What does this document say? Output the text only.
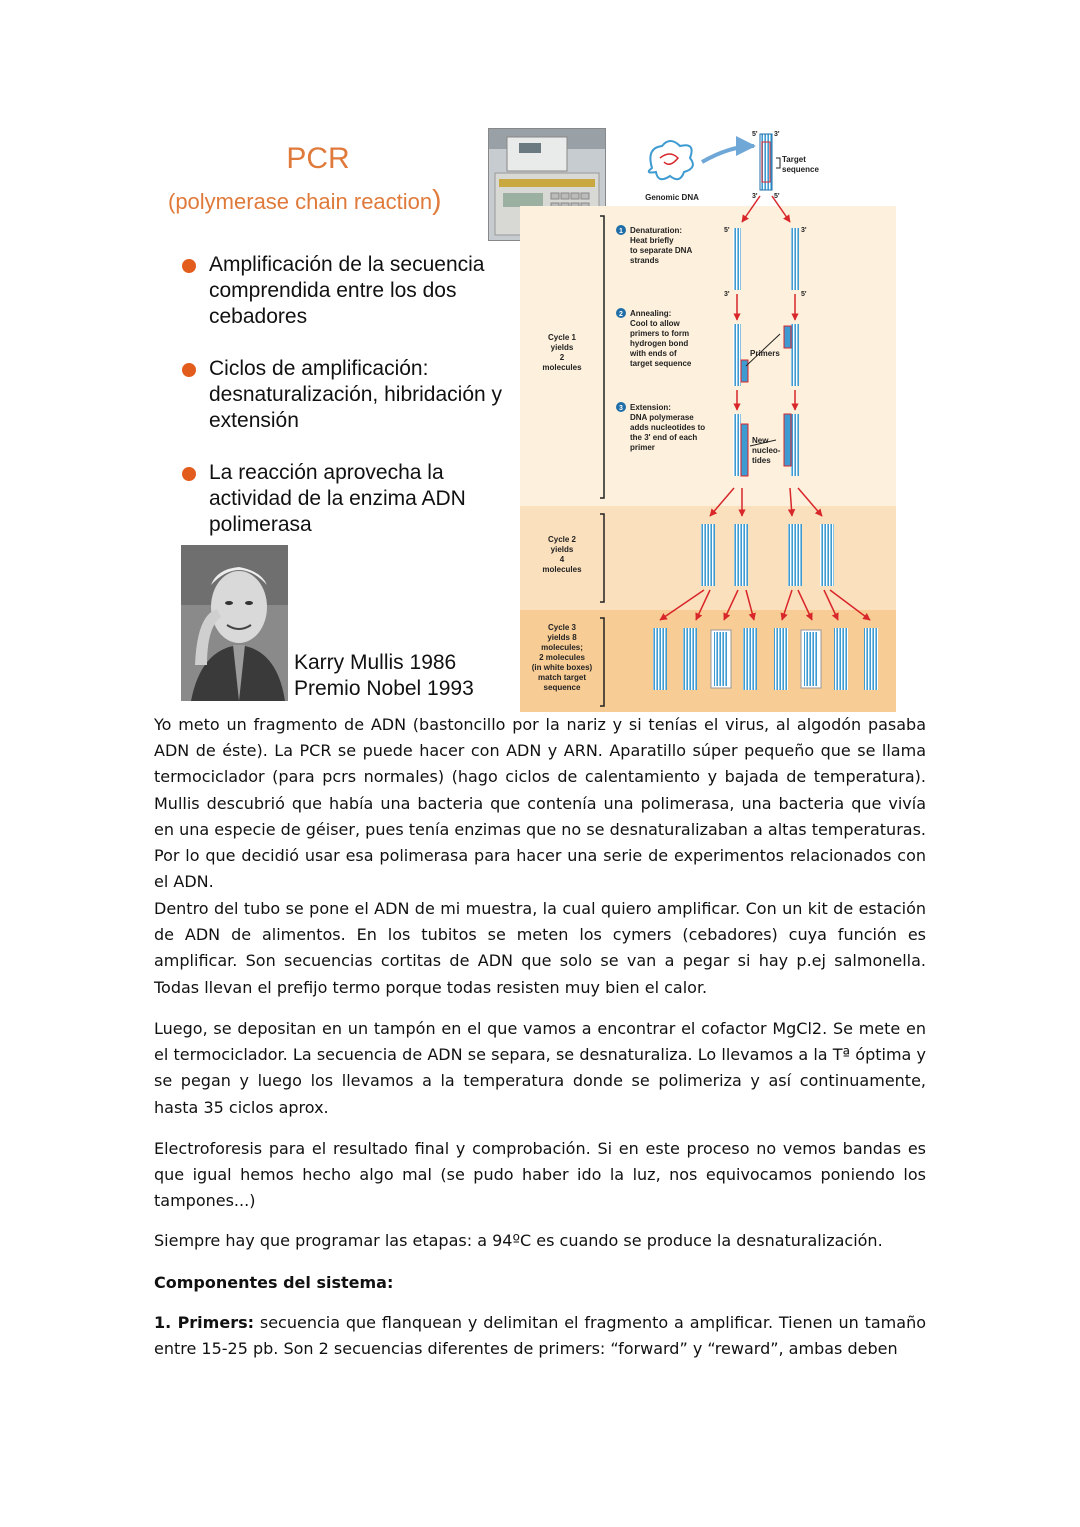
PCR
(polymerase chain reaction)
Amplificación de la secuencia comprendida entre los dos cebadores
Ciclos de amplificación: desnaturalización, hibridación y extensión
La reacción aprovecha la actividad de la enzima ADN polimerasa
Karry Mullis 1986
Premio Nobel 1993
Cycle 1
yields
2
molecules
Cycle 2
yields
4
molecules
Cycle 3
yields 8
molecules;
2 molecules
(in white boxes)
match target
sequence
Genomic DNA
5' 3'
3' 5'
Target
sequence
5'
3'
3'
5'
Primers
New
nucleo-
tides
1
2
3
Denaturation:
Heat briefly
to separate DNA
strands
Annealing:
Cool to allow
primers to form
hydrogen bond
with ends of
target sequence
Extension:
DNA polymerase
adds nucleotides to
the 3' end of each
primer
Yo meto un fragmento de ADN (bastoncillo por la nariz y si tenías el virus, al algodón pasaba ADN de éste). La PCR se puede hacer con ADN y ARN. Aparatillo súper pequeño que se llama termociclador (para pcrs normales) (hago ciclos de calentamiento y bajada de temperatura). Mullis descubrió que había una bacteria que contenía una polimerasa, una bacteria que vivía en una especie de géiser, pues tenía enzimas que no se desnaturalizaban a altas temperaturas. Por lo que decidió usar esa polimerasa para hacer una serie de experimentos relacionados con el ADN.
Dentro del tubo se pone el ADN de mi muestra, la cual quiero amplificar. Con un kit de estación de ADN de alimentos. En los tubitos se meten los cymers (cebadores) cuya función es amplificar. Son secuencias cortitas de ADN que solo se van a pegar si hay p.ej salmonella. Todas llevan el prefijo termo porque todas resisten muy bien el calor.
Luego, se depositan en un tampón en el que vamos a encontrar el cofactor MgCl2. Se mete en el termociclador. La secuencia de ADN se separa, se desnaturaliza. Lo llevamos a la Tª óptima y se pegan y luego los llevamos a la temperatura donde se polimeriza y así continuamente, hasta 35 ciclos aprox.
Electroforesis para el resultado final y comprobación. Si en este proceso no vemos bandas es que igual hemos hecho algo mal (se pudo haber ido la luz, nos equivocamos poniendo los tampones...)
Siempre hay que programar las etapas: a 94ºC es cuando se produce la desnaturalización.
Componentes del sistema:
1. Primers: secuencia que flanquean y delimitan el fragmento a amplificar. Tienen un tamaño entre 15-25 pb. Son 2 secuencias diferentes de primers: “forward” y “reward”, ambas deben
